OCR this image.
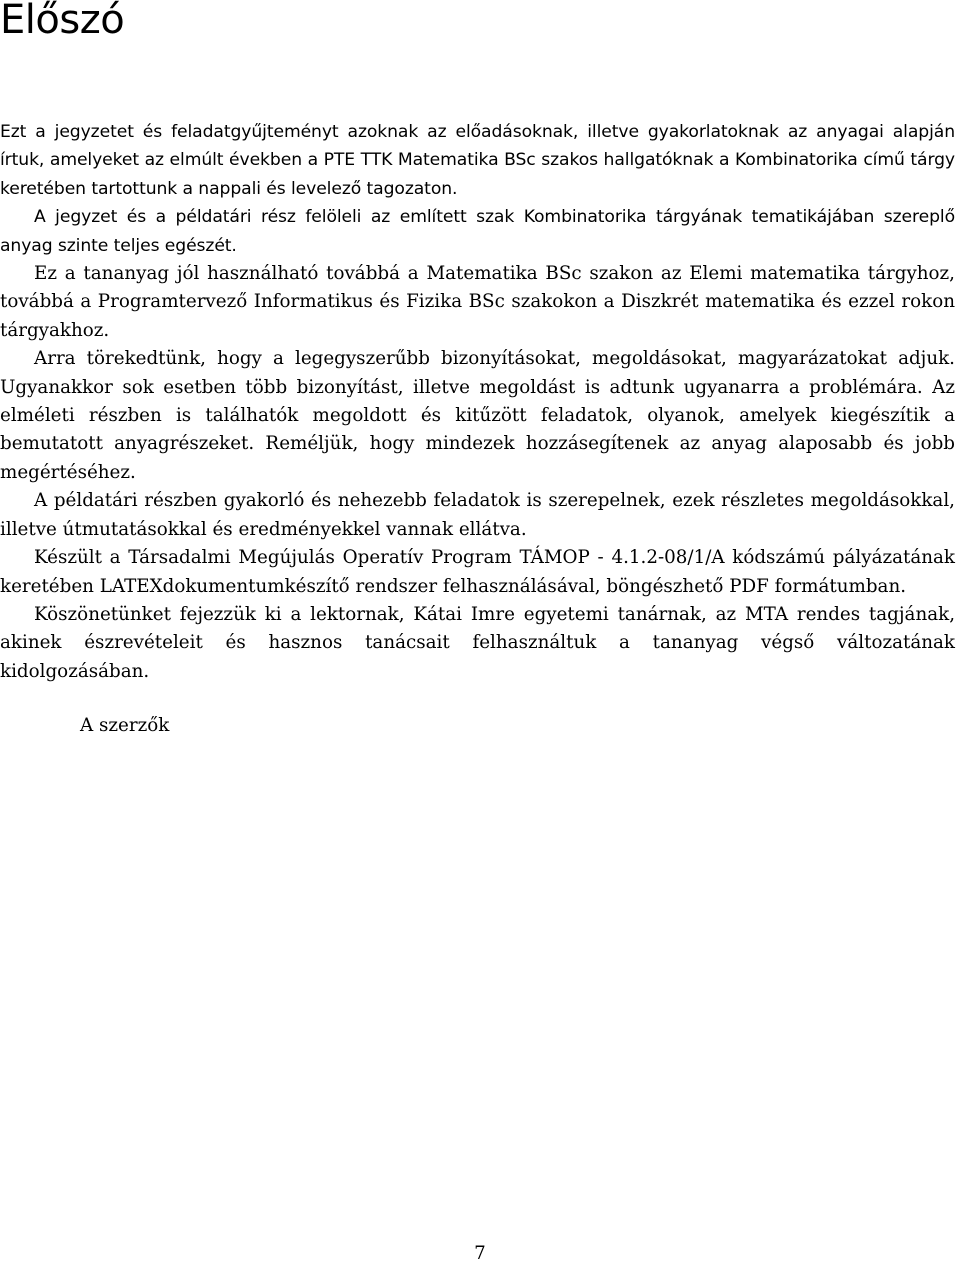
Előszó

Ezt a jegyzetet és feladatgyűjteményt azoknak az előadásoknak, illetve gyakorlatoknak az anyagai alapján írtuk, amelyeket az elmúlt években a PTE TTK Matematika BSc szakos hallgatóknak a Kombinatorika című tárgy keretében tartottunk a nappali és levelező tagozaton.

A jegyzet és a példatári rész felöleli az említett szak Kombinatorika tárgyának tematikájában szereplő anyag szinte teljes egészét.

Ez a tananyag jól használható továbbá a Matematika BSc szakon az Elemi matematika tárgyhoz, továbbá a Programtervező Informatikus és Fizika BSc szakokon a Diszkrét matematika és ezzel rokon tárgyakhoz.

Arra törekedtünk, hogy a legegyszerűbb bizonyításokat, megoldásokat, magyarázatokat adjuk. Ugyanakkor sok esetben több bizonyítást, illetve megoldást is adtunk ugyanarra a problémára. Az elméleti részben is találhatók megoldott és kitűzött feladatok, olyanok, amelyek kiegészítik a bemutatott anyagrészeket. Reméljük, hogy mindezek hozzásegítenek az anyag alaposabb és jobb megértéséhez.

A példatári részben gyakorló és nehezebb feladatok is szerepelnek, ezek részletes megoldásokkal, illetve útmutatásokkal és eredményekkel vannak ellátva.

Készült a Társadalmi Megújulás Operatív Program TÁMOP - 4.1.2-08/1/A kódszámú pályázatának keretében LATEXdokumentumkészítő rendszer felhasználásával, böngészhető PDF formátumban.

Köszönetünket fejezzük ki a lektornak, Kátai Imre egyetemi tanárnak, az MTA rendes tagjának, akinek észrevételeit és hasznos tanácsait felhasználtuk a tananyag végső változatának kidolgozásában.

A szerzők
7
